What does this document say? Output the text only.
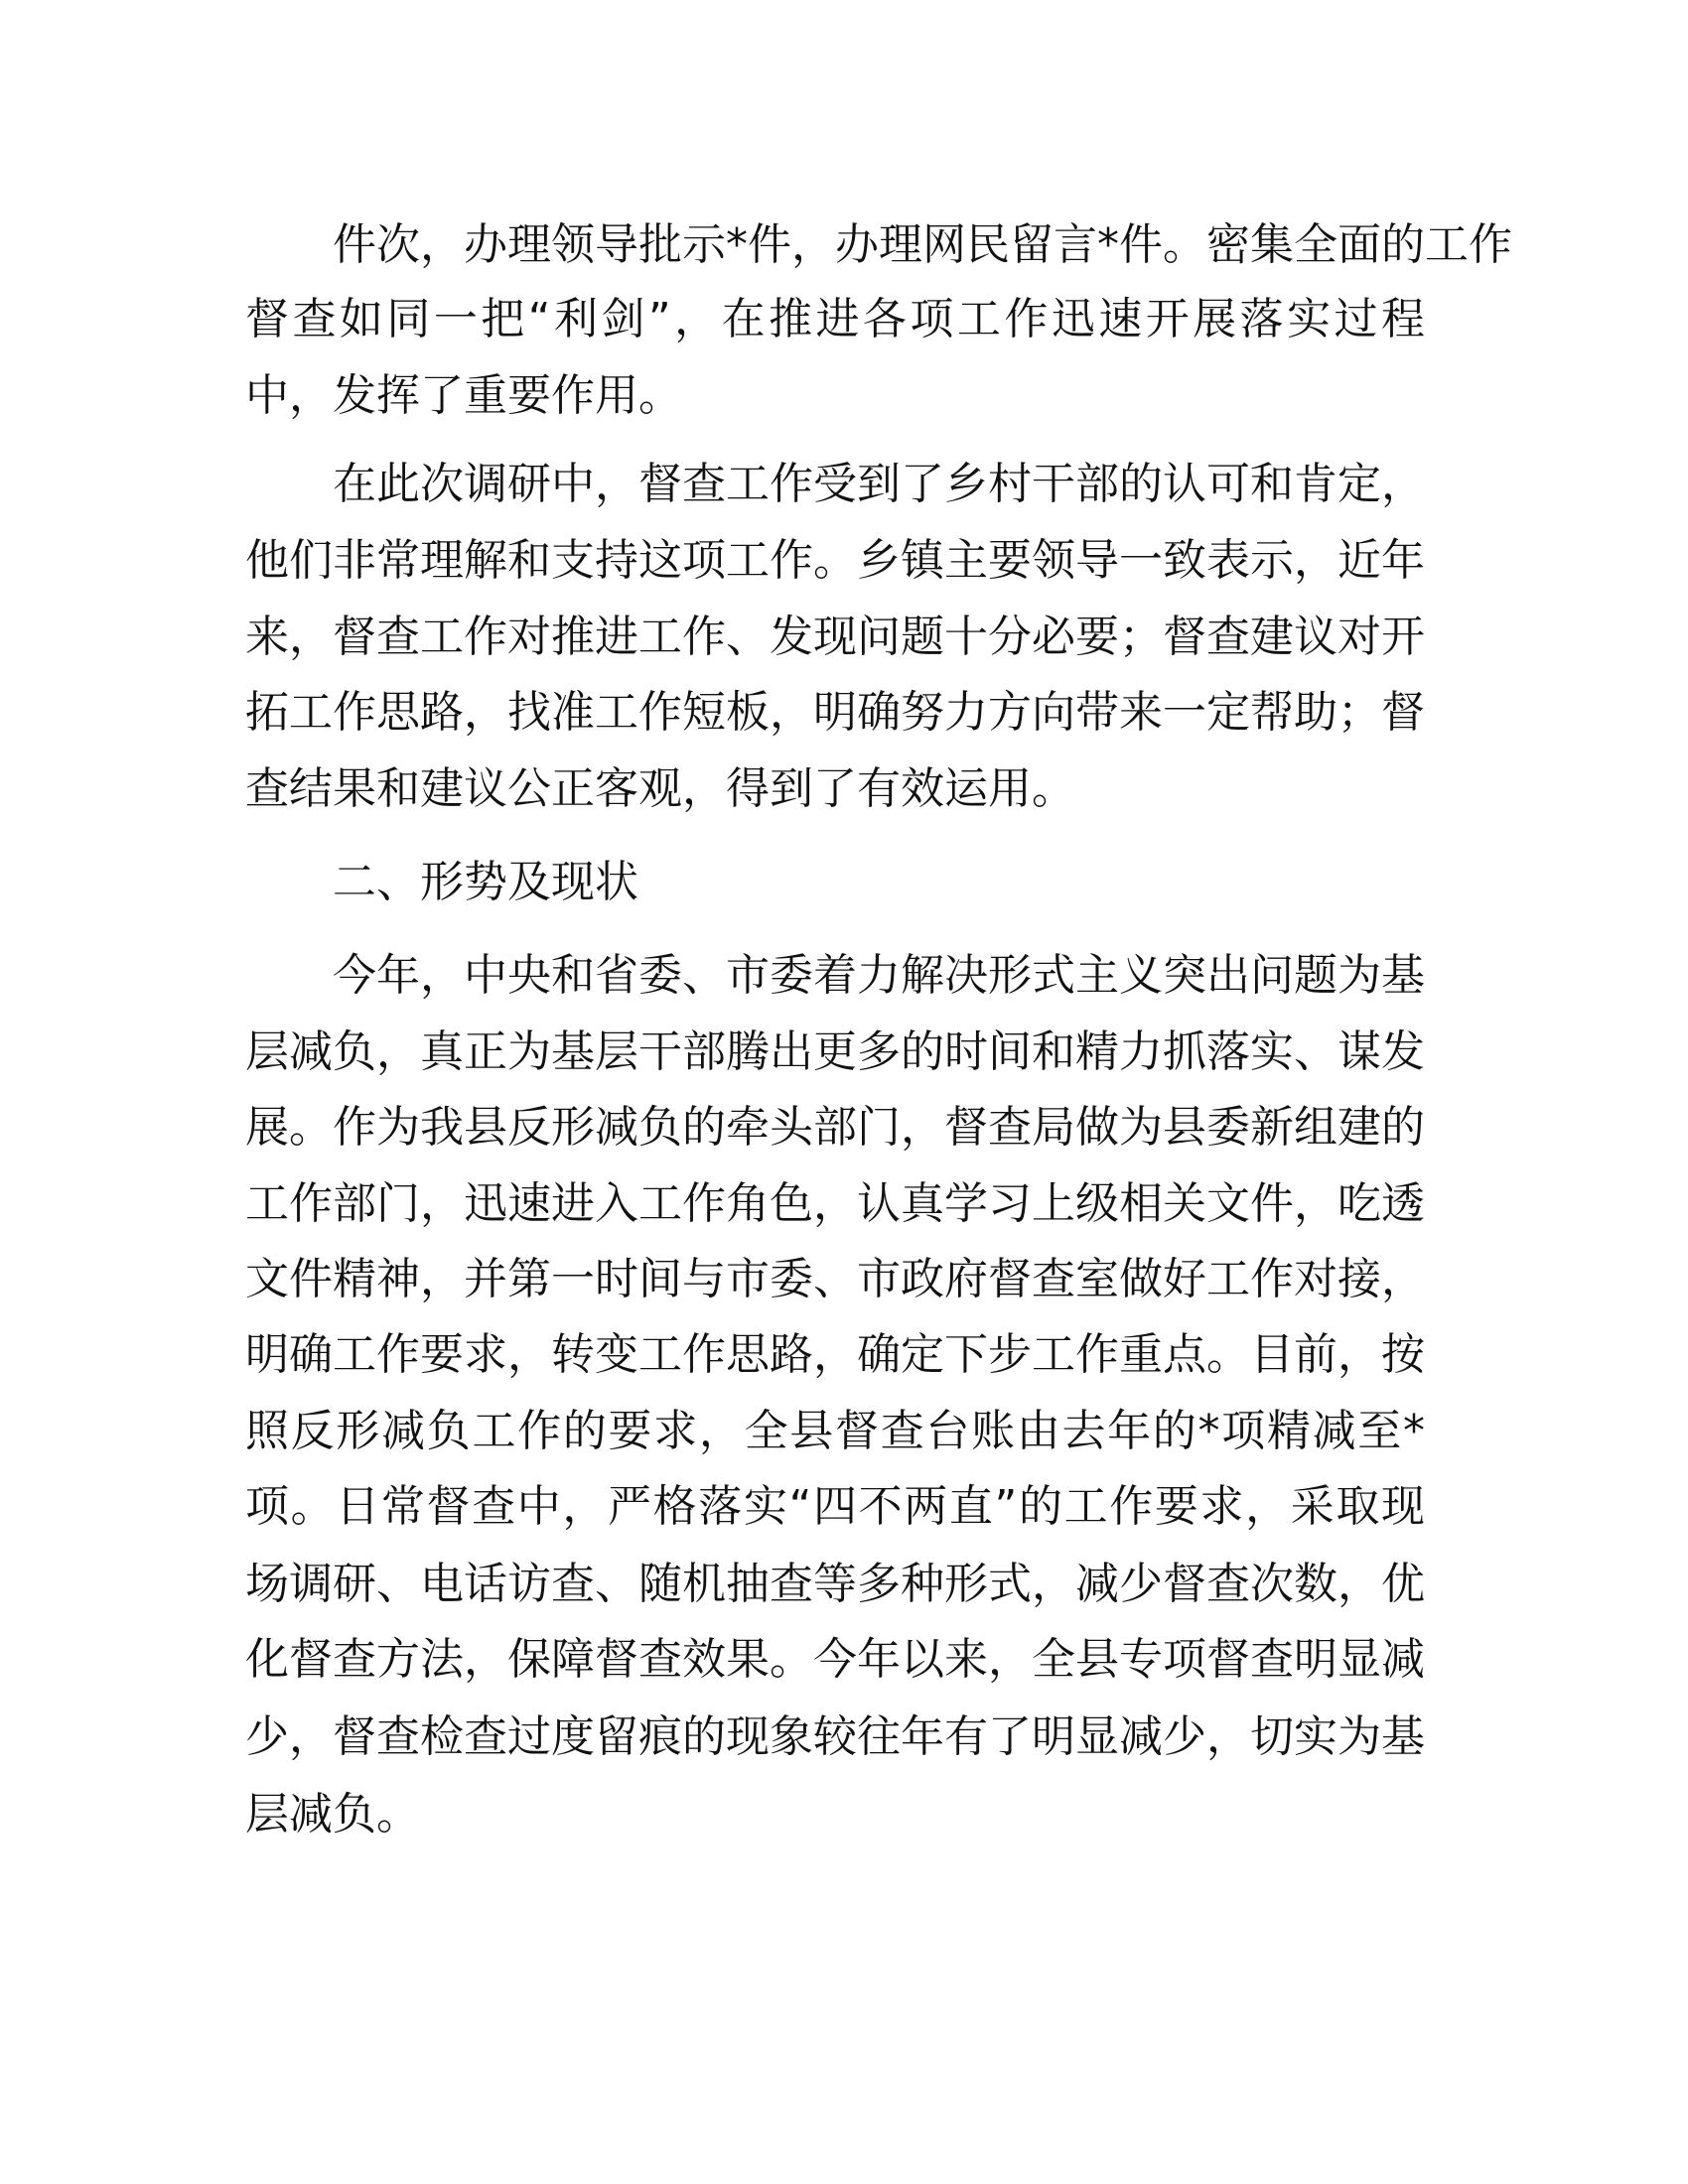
件次，办理领导批示*件，办理网民留言*件。密集全面的工作
督查如同一把“利剑”，在推进各项工作迅速开展落实过程
中，发挥了重要作用。
在此次调研中，督查工作受到了乡村干部的认可和肯定，
他们非常理解和支持这项工作。乡镇主要领导一致表示，近年
来，督查工作对推进工作、发现问题十分必要；督查建议对开
拓工作思路，找准工作短板，明确努力方向带来一定帮助；督
查结果和建议公正客观，得到了有效运用。
二、形势及现状
今年，中央和省委、市委着力解决形式主义突出问题为基
层减负，真正为基层干部腾出更多的时间和精力抓落实、谋发
展。作为我县反形减负的牵头部门，督查局做为县委新组建的
工作部门，迅速进入工作角色，认真学习上级相关文件，吃透
文件精神，并第一时间与市委、市政府督查室做好工作对接，
明确工作要求，转变工作思路，确定下步工作重点。目前，按
照反形减负工作的要求，全县督查台账由去年的*项精减至*
项。日常督查中，严格落实“四不两直”的工作要求，采取现
场调研、电话访查、随机抽查等多种形式，减少督查次数，优
化督查方法，保障督查效果。今年以来，全县专项督查明显减
少，督查检查过度留痕的现象较往年有了明显减少，切实为基
层减负。
